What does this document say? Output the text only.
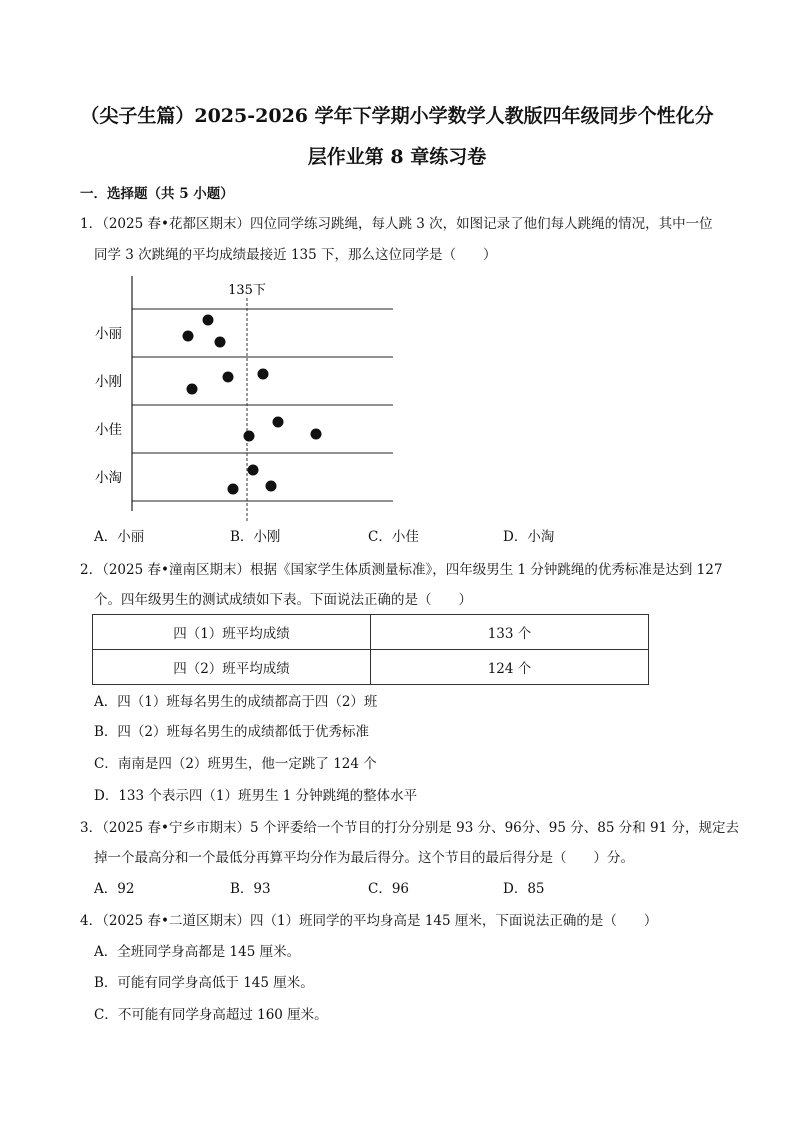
（尖子生篇）2025-2026 学年下学期小学数学人教版四年级同步个性化分
层作业第 8 章练习卷
一．选择题（共 5 小题）
1．（2025 春•花都区期末）四位同学练习跳绳，每人跳 3 次，如图记录了他们每人跳绳的情况，其中一位
同学 3 次跳绳的平均成绩最接近 135 下，那么这位同学是（　　）
135下
小丽
小刚
小佳
小淘
A．小丽	B．小刚	C．小佳	D．小淘
2．（2025 春•潼南区期末）根据《国家学生体质测量标准》，四年级男生 1 分钟跳绳的优秀标准是达到 127
个。四年级男生的测试成绩如下表。下面说法正确的是（　　）
四（1）班平均成绩	133 个
四（2）班平均成绩	124 个
A．四（1）班每名男生的成绩都高于四（2）班
B．四（2）班每名男生的成绩都低于优秀标准
C．南南是四（2）班男生，他一定跳了 124 个
D．133 个表示四（1）班男生 1 分钟跳绳的整体水平
3．（2025 春•宁乡市期末）5 个评委给一个节目的打分分别是 93 分、96分、95 分、85 分和 91 分，规定去
掉一个最高分和一个最低分再算平均分作为最后得分。这个节目的最后得分是（　　）分。
A．92	B．93	C．96	D．85
4．（2025 春•二道区期末）四（1）班同学的平均身高是 145 厘米，下面说法正确的是（　　）
A．全班同学身高都是 145 厘米。
B．可能有同学身高低于 145 厘米。
C．不可能有同学身高超过 160 厘米。
